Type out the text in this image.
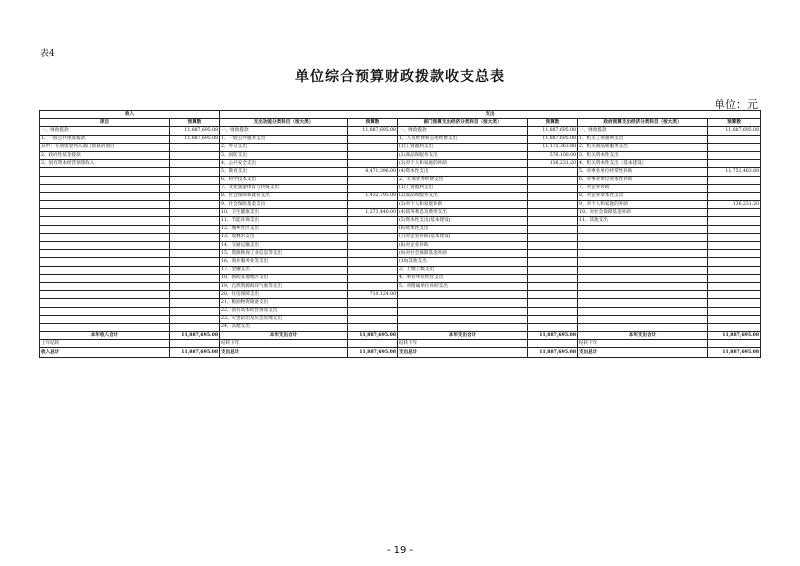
表4
单位综合预算财政拨款收支总表
单位：元
收入		支出					
项目	预算数	支出功能分类科目（按大类）	预算数	部门预算支出经济分类科目（按大类）	预算数	政府预算支出经济分类科目（按大类）	预算数
一、财政拨款	11,887,695.08	一、财政拨款	11,887,695.08	一、财政拨款	11,887,695.08	一、财政拨款	11,887,695.08
1、一般公共预算拨款	11,887,695.08	1、一般公共服务支出		1、人员经费和公用经费支出	11,887,695.08	1、机关工资福利支出	
其中：专项资金列入部门预算的项目		2、外交支出		(1)工资福利支出	11,175,363.88	2、机关商品和服务支出	
2、政府性基金拨款		3、国防支出		(2)商品和服务支出	576,100.00	3、机关资本性支出	
3、国有资本经营预算收入		4、公共安全支出		(3)对个人和家庭的补助	136,231.20	4、机关资本性支出（基本建设）	
		5、教育支出	8,471,396.00	(4)资本性支出		5、对事业单位经常性补助	11,751,463.88
		6、科学技术支出		2、专项业务经费支出		6、对事业单位资本性补助	
		7、文化旅游体育与传媒支出		(1)工资福利支出		7、对企业补助	
		8、社会保障和就业支出	1,432,795.08	(2)商品和服务支出		8、对企业资本性支出	
		9、社会保险基金支出		(3)对个人和家庭补助		9、对个人和家庭的补助	136,231.20
		10、卫生健康支出	1,273,440.00	(4)债务利息及费用支出		10、对社会保障基金补助	
		11、节能环保支出		(5)资本性支出(基本建设)		11、其他支出	
		12、城乡社区支出		(6)资本性支出			
		13、农林水支出		(7)对企业补助(基本建设)			
		14、交通运输支出		(8)对企业补助			
		15、资源勘探工业信息等支出		(9)对社会保障基金补助			
		16、商业服务业等支出		(10)其他支出			
		17、金融支出		3、上缴上级支出			
		18、援助其他地区支出		4、事业单位经营支出			
		19、自然资源海洋气象等支出		5、对附属单位补助支出			
		20、住房保障支出	710,124.00				
		21、粮油物资储备支出					
		22、国有资本经营预算支出					
		23、灾害防治及应急管理支出					
		24、其他支出					
本年收入合计	11,887,695.08	本年支出合计	11,887,695.08	本年支出合计	11,887,695.08	本年支出合计	11,887,695.08
上年结转		结转下年		结转下年		结转下年	
收入总计	11,887,695.08	支出总计	11,887,695.08	支出总计	11,887,695.08	支出总计	11,887,695.08
- 19 -
